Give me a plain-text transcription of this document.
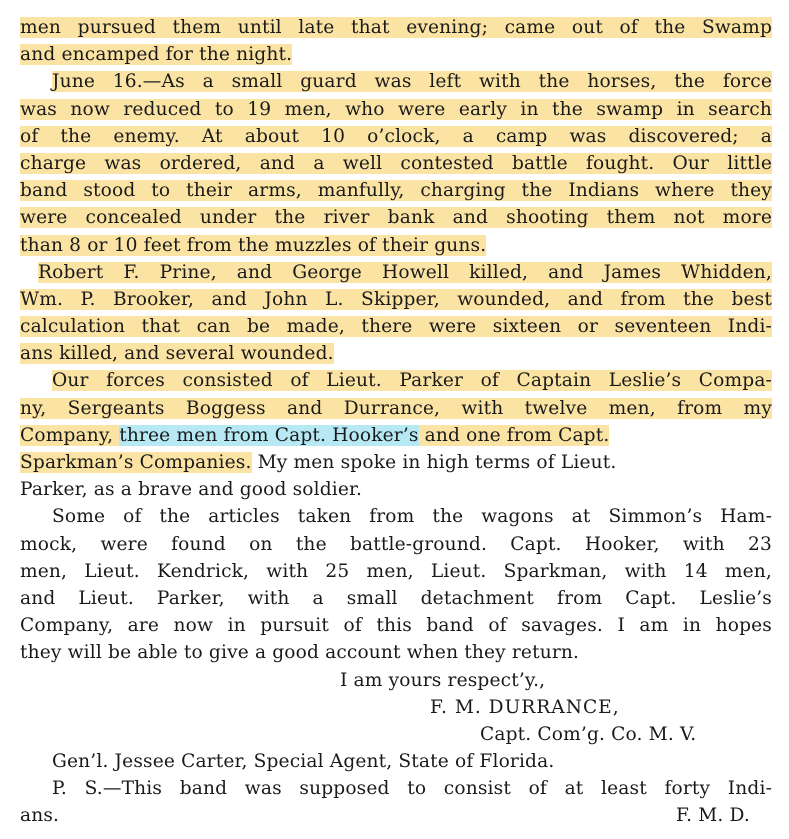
men pursued them until late that evening; came out of the Swamp
and encamped for the night.
June 16.—As a small guard was left with the horses, the force
was now reduced to 19 men, who were early in the swamp in search
of the enemy. At about 10 o’clock, a camp was discovered; a
charge was ordered, and a well contested battle fought. Our little
band stood to their arms, manfully, charging the Indians where they
were concealed under the river bank and shooting them not more
than 8 or 10 feet from the muzzles of their guns.
Robert F. Prine, and George Howell killed, and James Whidden,
Wm. P. Brooker, and John L. Skipper, wounded, and from the best
calculation that can be made, there were sixteen or seventeen Indi-
ans killed, and several wounded.
Our forces consisted of Lieut. Parker of Captain Leslie’s Compa-
ny, Sergeants Boggess and Durrance, with twelve men, from my
Company, three men from Capt. Hooker’s and one from Capt.
Sparkman’s Companies. My men spoke in high terms of Lieut.
Parker, as a brave and good soldier.
Some of the articles taken from the wagons at Simmon’s Ham-
mock, were found on the battle-ground. Capt. Hooker, with 23
men, Lieut. Kendrick, with 25 men, Lieut. Sparkman, with 14 men,
and Lieut. Parker, with a small detachment from Capt. Leslie’s
Company, are now in pursuit of this band of savages. I am in hopes
they will be able to give a good account when they return.
I am yours respect’y.,
F. M. DURRANCE,
Capt. Com’g. Co. M. V.
Gen’l. Jessee Carter, Special Agent, State of Florida.
P. S.—This band was supposed to consist of at least forty Indi-
ans.	F. M. D.
